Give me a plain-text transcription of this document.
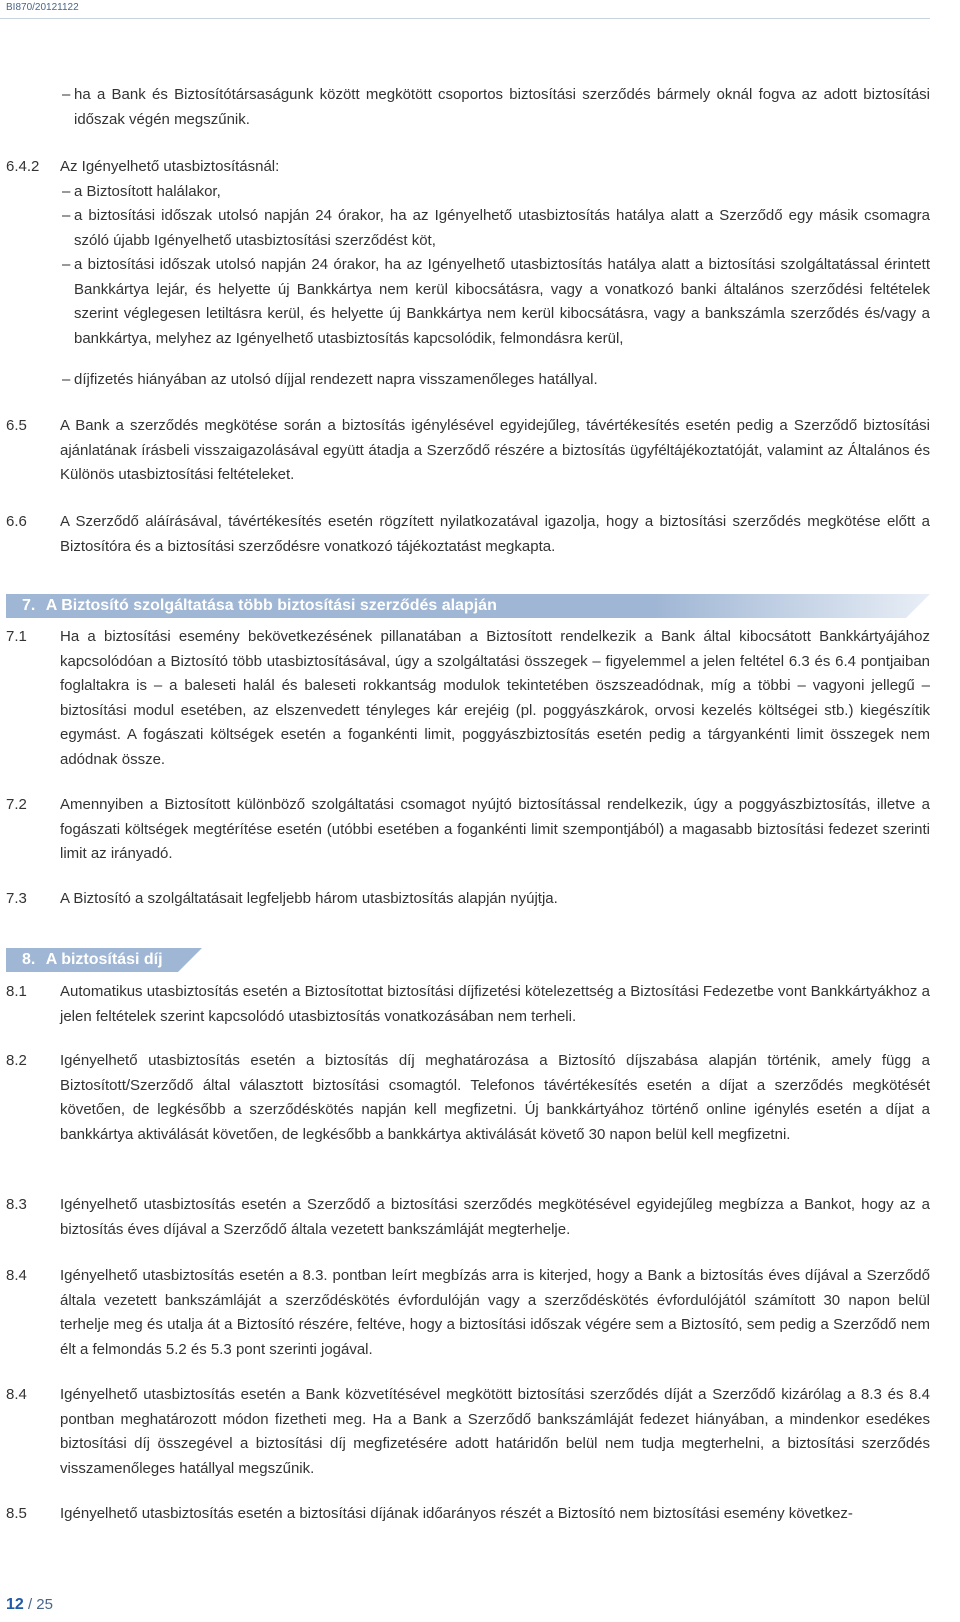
BI870/20121122
– ha a Bank és Biztosítótársaságunk között megkötött csoportos biztosítási szerződés bármely oknál fogva az adott biztosítási időszak végén megszűnik.
6.4.2 Az Igényelhető utasbiztosításnál:
– a Biztosított halálakor,
– a biztosítási időszak utolsó napján 24 órakor, ha az Igényelhető utasbiztosítás hatálya alatt a Szerződő egy másik csomagra szóló újabb Igényelhető utasbiztosítási szerződést köt,
– a biztosítási időszak utolsó napján 24 órakor, ha az Igényelhető utasbiztosítás hatálya alatt a biztosítási szolgáltatással érintett Bankkártya lejár, és helyette új Bankkártya nem kerül kibocsátásra, vagy a vonatkozó banki általános szerződési feltételek szerint véglegesen letiltásra kerül, és helyette új Bankkártya nem kerül kibocsátásra, vagy a bankszámla szerződés és/vagy a bankkártya, melyhez az Igényelhető utasbiztosítás kapcsolódik, felmondásra kerül,
– díjfizetés hiányában az utolsó díjjal rendezett napra visszamenőleges hatállyal.
6.5 A Bank a szerződés megkötése során a biztosítás igénylésével egyidejűleg, távértékesítés esetén pedig a Szerződő biztosítási ajánlatának írásbeli visszaigazolásával együtt átadja a Szerződő részére a biztosítás ügyféltájékoztatóját, valamint az Általános és Különös utasbiztosítási feltételeket.
6.6 A Szerződő aláírásával, távértékesítés esetén rögzített nyilatkozatával igazolja, hogy a biztosítási szerződés megkötése előtt a Biztosítóra és a biztosítási szerződésre vonatkozó tájékoztatást megkapta.
7. A Biztosító szolgáltatása több biztosítási szerződés alapján
7.1 Ha a biztosítási esemény bekövetkezésének pillanatában a Biztosított rendelkezik a Bank által kibocsátott Bankkártyájához kapcsolódóan a Biztosító több utasbiztosításával, úgy a szolgáltatási összegek – figyelemmel a jelen feltétel 6.3 és 6.4 pontjaiban foglaltakra is – a baleseti halál és baleseti rokkantság modulok tekintetében öszszeadódnak, míg a többi – vagyoni jellegű – biztosítási modul esetében, az elszenvedett tényleges kár erejéig (pl. poggyászkárok, orvosi kezelés költségei stb.) kiegészítik egymást. A fogászati költségek esetén a fogankénti limit, poggyászbiztosítás esetén pedig a tárgyankénti limit összegek nem adódnak össze.
7.2 Amennyiben a Biztosított különböző szolgáltatási csomagot nyújtó biztosítással rendelkezik, úgy a poggyászbiztosítás, illetve a fogászati költségek megtérítése esetén (utóbbi esetében a fogankénti limit szempontjából) a magasabb biztosítási fedezet szerinti limit az irányadó.
7.3 A Biztosító a szolgáltatásait legfeljebb három utasbiztosítás alapján nyújtja.
8. A biztosítási díj
8.1 Automatikus utasbiztosítás esetén a Biztosítottat biztosítási díjfizetési kötelezettség a Biztosítási Fedezetbe vont Bankkártyákhoz a jelen feltételek szerint kapcsolódó utasbiztosítás vonatkozásában nem terheli.
8.2 Igényelhető utasbiztosítás esetén a biztosítás díj meghatározása a Biztosító díjszabása alapján történik, amely függ a Biztosított/Szerződő által választott biztosítási csomagtól. Telefonos távértékesítés esetén a díjat a szerződés megkötését követően, de legkésőbb a szerződéskötés napján kell megfizetni. Új bankkártyához történő online igénylés esetén a díjat a bankkártya aktiválását követően, de legkésőbb a bankkártya aktiválását követő 30 napon belül kell megfizetni.
8.3 Igényelhető utasbiztosítás esetén a Szerződő a biztosítási szerződés megkötésével egyidejűleg megbízza a Bankot, hogy az a biztosítás éves díjával a Szerződő általa vezetett bankszámláját megterhelje.
8.4 Igényelhető utasbiztosítás esetén a 8.3. pontban leírt megbízás arra is kiterjed, hogy a Bank a biztosítás éves díjával a Szerződő általa vezetett bankszámláját a szerződéskötés évfordulóján vagy a szerződéskötés évfordulójától számított 30 napon belül terhelje meg és utalja át a Biztosító részére, feltéve, hogy a biztosítási időszak végére sem a Biztosító, sem pedig a Szerződő nem élt a felmondás 5.2 és 5.3 pont szerinti jogával.
8.4 Igényelhető utasbiztosítás esetén a Bank közvetítésével megkötött biztosítási szerződés díját a Szerződő kizárólag a 8.3 és 8.4 pontban meghatározott módon fizetheti meg. Ha a Bank a Szerződő bankszámláját fedezet hiányában, a mindenkor esedékes biztosítási díj összegével a biztosítási díj megfizetésére adott határidőn belül nem tudja megterhelni, a biztosítási szerződés visszamenőleges hatállyal megszűnik.
8.5 Igényelhető utasbiztosítás esetén a biztosítási díjának időarányos részét a Biztosító nem biztosítási esemény következ-
12 / 25
